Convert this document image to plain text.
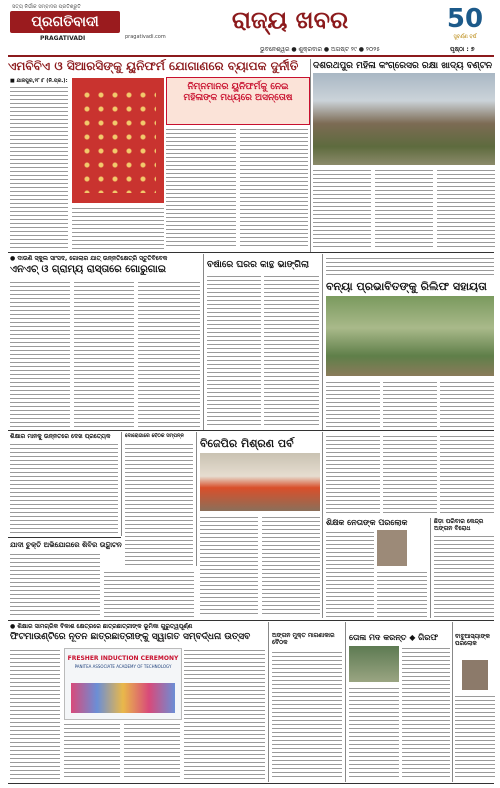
ସତ୍ୟ ନିର୍ଭୀକ ସମ୍ବାଦର ପ୍ରତିଶ୍ରୁତି
ପ୍ରଗତିବାଦୀ
PRAGATIVADI	pragativadi.com
ରାଜ୍ୟ ଖବର	50
ସୁବର୍ଣ୍ଣ ବର୍ଷ
ଭୁବନେଶ୍ୱର ● ଶୁକ୍ରବାର ● ଅଗଷ୍ଟ ୨୯ ● ୨୦୨୫	ପୃଷ୍ଠା : ୭
ଏମବିବିଏ ଓ ସିଆରସିଙ୍କୁ ୟୁନିଫର୍ମ ଯୋଗାଣରେ ବ୍ୟାପକ ଦୁର୍ନୀତି	ଦଶରଥପୁର ମହିଳା କଂଗ୍ରେସର ରକ୍ଷା ଖାଦ୍ୟ ବଣ୍ଟନ
■ ଯାଜପୁର,୨୮।୮ (ନି.ପ୍ର.):
ନିମ୍ନମାନର ୟୁନିଫର୍ମକୁ ନେଇ ମହିଳାଙ୍କ ମଧ୍ୟରେ ଅସନ୍ତୋଷ
● ଦାଉଣି ସ୍କୁଲ ସାଂସଦ, ଗୋଲାର ଯାତ୍ ଉନ୍ନତିକ୍ଷେତ୍ରି ସ୍ତୁତିବିବେକ
ଏନଏଚ୍ ଓ ଗ୍ରାମ୍ୟ ରାସ୍ତାରେ ଗୋରୁଗାଇ	ବର୍ଷାରେ ଘରର କାନ୍ଥ ଭାଙ୍ଗିଲା
ବନ୍ୟା ପ୍ରଭାବିତଙ୍କୁ ରିଲିଫ ସହାୟତା
ଶିକ୍ଷାର ମାନକୁ ଉନ୍ନତରେ ଦେଖ ପ୍ରତ୍ୟେକ	ଦୋରୋଗାରେ ବୈଠକ ସମ୍ପନ୍ନ
ବିଜେପିର ମିଶ୍ରଣ ପର୍ବ
ଶିକ୍ଷକ ନେତାଙ୍କ ପରଲୋକ	ଛିଡ଼ା ପରିବାର କେନ୍ଦ୍ର ଅଙ୍ଗନ ବିରୋଧ
ଯାଦୀ ଚୁକ୍ତି ଅଭିଯୋଗରେ ଶିବିର ଉଦ୍ଘାଟନ
● ଶିକ୍ଷାର ସାମଗ୍ରିକ ବିକାଶ କ୍ଷେତ୍ରରେ ଛାତ୍ରଛାତ୍ରୀଙ୍କ ଭୂମିକା ଗୁରୁତ୍ୱପୂର୍ଣ୍ଣ
ଫିଟମାଉଣ୍ଟିରେ ନୂତନ ଛାତ୍ରଛାତ୍ରୀଙ୍କୁ ସ୍ୱାଗତ ସମ୍ବର୍ଦ୍ଧନା ଉତ୍ସବ
FRESHER INDUCTION CEREMONY
PANITEA ASSOCIATE ACADEMY OF TECHNOLOGY
ଅଙ୍ଗନ ମୁକ୍ତ ମାଗଣାକାର ବୈଠକ
ତୋଳା ମଦ କରନ୍ତ ◆ ଗିରଫ	ବାବୁଆସ୍ୟାଙ୍କ ପରଲୋକ
